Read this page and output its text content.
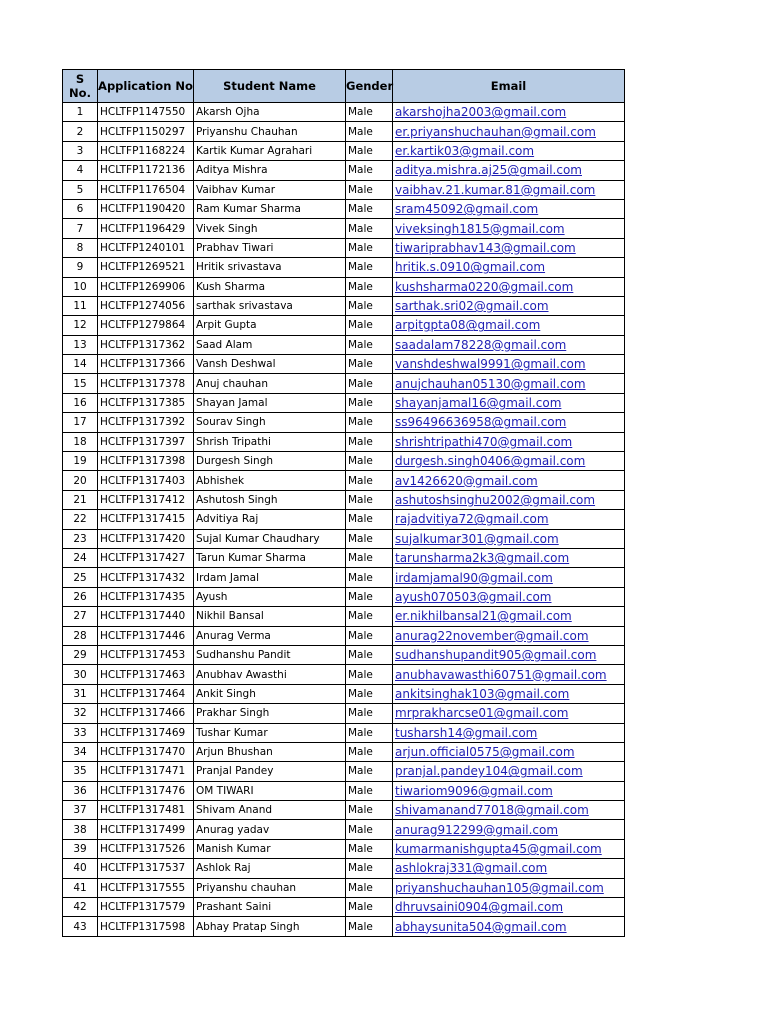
S No.	Application No	Student Name	Gender	Email
1	HCLTFP1147550	Akarsh Ojha	Male	akarshojha2003@gmail.com
2	HCLTFP1150297	Priyanshu Chauhan	Male	er.priyanshuchauhan@gmail.com
3	HCLTFP1168224	Kartik Kumar Agrahari	Male	er.kartik03@gmail.com
4	HCLTFP1172136	Aditya Mishra	Male	aditya.mishra.aj25@gmail.com
5	HCLTFP1176504	Vaibhav Kumar	Male	vaibhav.21.kumar.81@gmail.com
6	HCLTFP1190420	Ram Kumar Sharma	Male	sram45092@gmail.com
7	HCLTFP1196429	Vivek Singh	Male	viveksingh1815@gmail.com
8	HCLTFP1240101	Prabhav Tiwari	Male	tiwariprabhav143@gmail.com
9	HCLTFP1269521	Hritik srivastava	Male	hritik.s.0910@gmail.com
10	HCLTFP1269906	Kush Sharma	Male	kushsharma0220@gmail.com
11	HCLTFP1274056	sarthak srivastava	Male	sarthak.sri02@gmail.com
12	HCLTFP1279864	Arpit Gupta	Male	arpitgpta08@gmail.com
13	HCLTFP1317362	Saad Alam	Male	saadalam78228@gmail.com
14	HCLTFP1317366	Vansh Deshwal	Male	vanshdeshwal9991@gmail.com
15	HCLTFP1317378	Anuj chauhan	Male	anujchauhan05130@gmail.com
16	HCLTFP1317385	Shayan Jamal	Male	shayanjamal16@gmail.com
17	HCLTFP1317392	Sourav Singh	Male	ss96496636958@gmail.com
18	HCLTFP1317397	Shrish Tripathi	Male	shrishtripathi470@gmail.com
19	HCLTFP1317398	Durgesh Singh	Male	durgesh.singh0406@gmail.com
20	HCLTFP1317403	Abhishek	Male	av1426620@gmail.com
21	HCLTFP1317412	Ashutosh Singh	Male	ashutoshsinghu2002@gmail.com
22	HCLTFP1317415	Advitiya Raj	Male	rajadvitiya72@gmail.com
23	HCLTFP1317420	Sujal Kumar Chaudhary	Male	sujalkumar301@gmail.com
24	HCLTFP1317427	Tarun Kumar Sharma	Male	tarunsharma2k3@gmail.com
25	HCLTFP1317432	Irdam Jamal	Male	irdamjamal90@gmail.com
26	HCLTFP1317435	Ayush	Male	ayush070503@gmail.com
27	HCLTFP1317440	Nikhil Bansal	Male	er.nikhilbansal21@gmail.com
28	HCLTFP1317446	Anurag Verma	Male	anurag22november@gmail.com
29	HCLTFP1317453	Sudhanshu Pandit	Male	sudhanshupandit905@gmail.com
30	HCLTFP1317463	Anubhav Awasthi	Male	anubhavawasthi60751@gmail.com
31	HCLTFP1317464	Ankit Singh	Male	ankitsinghak103@gmail.com
32	HCLTFP1317466	Prakhar Singh	Male	mrprakharcse01@gmail.com
33	HCLTFP1317469	Tushar Kumar	Male	tusharsh14@gmail.com
34	HCLTFP1317470	Arjun Bhushan	Male	arjun.official0575@gmail.com
35	HCLTFP1317471	Pranjal Pandey	Male	pranjal.pandey104@gmail.com
36	HCLTFP1317476	OM TIWARI	Male	tiwariom9096@gmail.com
37	HCLTFP1317481	Shivam Anand	Male	shivamanand77018@gmail.com
38	HCLTFP1317499	Anurag yadav	Male	anurag912299@gmail.com
39	HCLTFP1317526	Manish Kumar	Male	kumarmanishgupta45@gmail.com
40	HCLTFP1317537	Ashlok Raj	Male	ashlokraj331@gmail.com
41	HCLTFP1317555	Priyanshu chauhan	Male	priyanshuchauhan105@gmail.com
42	HCLTFP1317579	Prashant Saini	Male	dhruvsaini0904@gmail.com
43	HCLTFP1317598	Abhay Pratap Singh	Male	abhaysunita504@gmail.com
